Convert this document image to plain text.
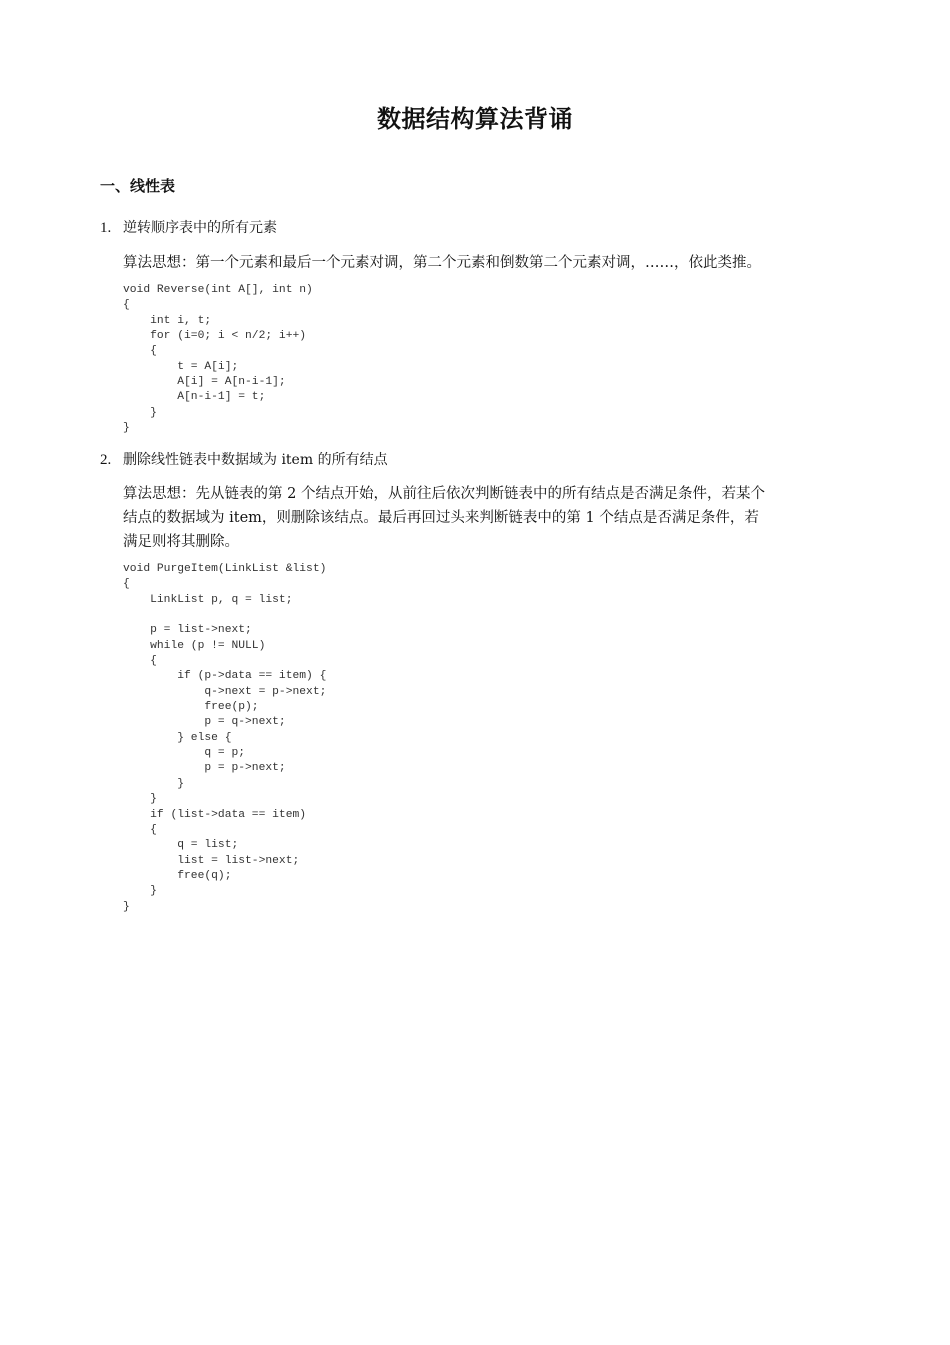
数据结构算法背诵
一、线性表
1. 逆转顺序表中的所有元素
算法思想：第一个元素和最后一个元素对调，第二个元素和倒数第二个元素对调，……，依此类推。
void Reverse(int A[], int n)
{
int i, t;
for (i=0; i < n/2; i++)
{
t = A[i];
A[i] = A[n-i-1];
A[n-i-1] = t;
}
}
2. 删除线性链表中数据域为 item 的所有结点
算法思想：先从链表的第 2 个结点开始，从前往后依次判断链表中的所有结点是否满足条件，若某个
结点的数据域为 item，则删除该结点。最后再回过头来判断链表中的第 1 个结点是否满足条件，若
满足则将其删除。
void PurgeItem(LinkList &list)
{
LinkList p, q = list;

p = list->next;
while (p != NULL)
{
if (p->data == item) {
q->next = p->next;
free(p);
p = q->next;
} else {
q = p;
p = p->next;
}
}
if (list->data == item)
{
q = list;
list = list->next;
free(q);
}
}
